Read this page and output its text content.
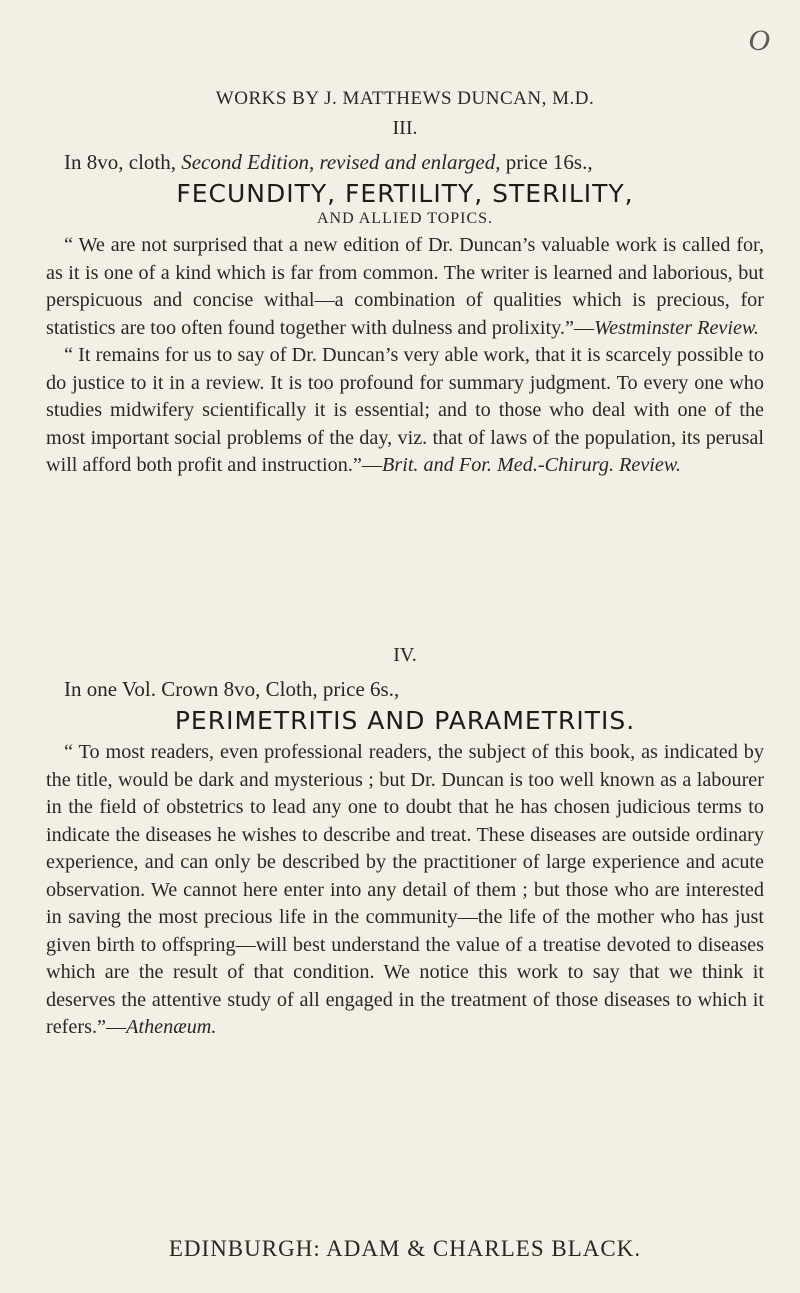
O
WORKS BY J. MATTHEWS DUNCAN, M.D.
III.
In 8vo, cloth, Second Edition, revised and enlarged, price 16s.,
FECUNDITY, FERTILITY, STERILITY,
AND ALLIED TOPICS.

“ We are not surprised that a new edition of Dr. Duncan’s valuable work is called for, as it is one of a kind which is far from common. The writer is learned and laborious, but perspicuous and concise withal—a combination of qualities which is precious, for statistics are too often found together with dulness and prolixity.”—Westminster Review.

“ It remains for us to say of Dr. Duncan’s very able work, that it is scarcely possible to do justice to it in a review. It is too profound for summary judgment. To every one who studies midwifery scientifically it is essential; and to those who deal with one of the most important social problems of the day, viz. that of laws of the population, its perusal will afford both profit and instruction.”—Brit. and For. Med.-Chirurg. Review.

IV.
In one Vol. Crown 8vo, Cloth, price 6s.,
PERIMETRITIS AND PARAMETRITIS.

“ To most readers, even professional readers, the subject of this book, as indicated by the title, would be dark and mysterious ; but Dr. Duncan is too well known as a labourer in the field of obstetrics to lead any one to doubt that he has chosen judicious terms to indicate the diseases he wishes to describe and treat. These diseases are outside ordinary experience, and can only be described by the practitioner of large experience and acute observation. We cannot here enter into any detail of them ; but those who are interested in saving the most precious life in the community—the life of the mother who has just given birth to offspring—will best understand the value of a treatise devoted to diseases which are the result of that condition. We notice this work to say that we think it deserves the attentive study of all engaged in the treatment of those diseases to which it refers.”—Athenæum.

EDINBURGH: ADAM & CHARLES BLACK.
